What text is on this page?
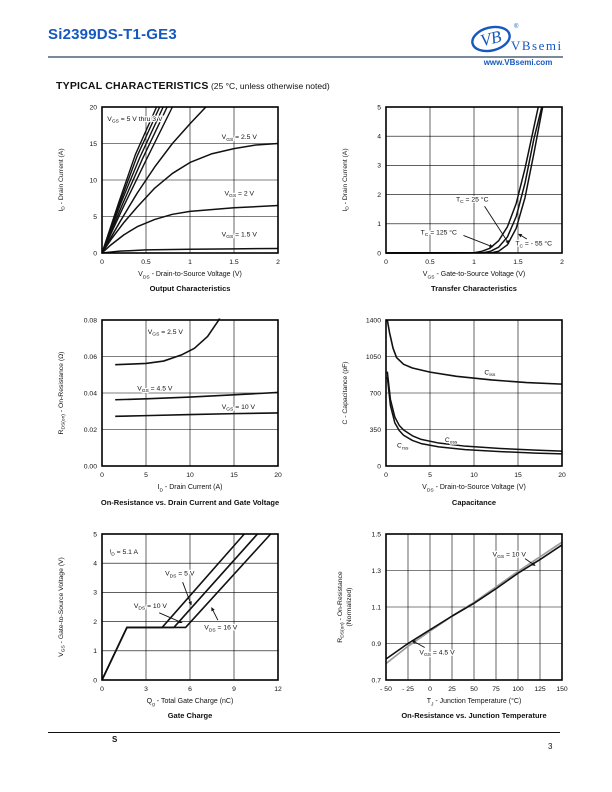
Si2399DS-T1-GE3	VB ®
VBsemi
www.VBsemi.com
TYPICAL CHARACTERISTICS (25 °C, unless otherwise noted)
0	0.5	1	1.5	2
0
5
10
15
20
$I_D$ - Drain Current (A)
$V_{GS} = 5$ V thru 3 V
$V_{GS} = 2.5$ V
$V_{GS} = 2$ V
$V_{GS} = 1.5$ V
$V_{DS}$ - Drain-to-Source Voltage (V)
Output Characteristics
0	0.5	1	1.5	2
0
1
2
3
4
5
$I_D$ - Drain Current (A)	$T_C = 25$ °C
$T_C = 125$ °C
$T_C$ = - 55 °C
$V_{GS}$ - Gate-to-Source Voltage (V)
Transfer Characteristics
0	5	10	15	20
0.00
0.02
0.04
0.06
0.08
$R_{DS(on)}$ - On-Resistance (Ω)
$V_{GS} = 2.5$ V
$V_{GS} = 4.5$ V
$V_{GS} = 10$ V
$I_D$ - Drain Current (A)
On-Resistance vs. Drain Current and Gate Voltage
0	5	10	15	20
0
350
700
1050
1400
C - Capacitance (pF)	$C_{iss}$
$C_{oss}$
$C_{rss}$
$V_{DS}$ - Drain-to-Source Voltage (V)
Capacitance
0	3	6	9	12
0
1
2
3
4
5
$V_{GS}$ - Gate-to-Source Voltage (V)
$I_D = 5.1$ A
$V_{DS} = 5$ V
$V_{DS} = 10$ V
$V_{DS} = 16$ V
$Q_g$ - Total Gate Charge (nC)
Gate Charge
- 50 - 25 0 25 50 75 100 125 150
0.7
0.9
1.1
1.3
1.5
$R_{DS(on)}$ - On-Resistance (Normalized)
$V_{GS} = 10$ V
$V_{GS} = 4.5$ V
$T_J$ - Junction Temperature (°C)
On-Resistance vs. Junction Temperature
S
3
